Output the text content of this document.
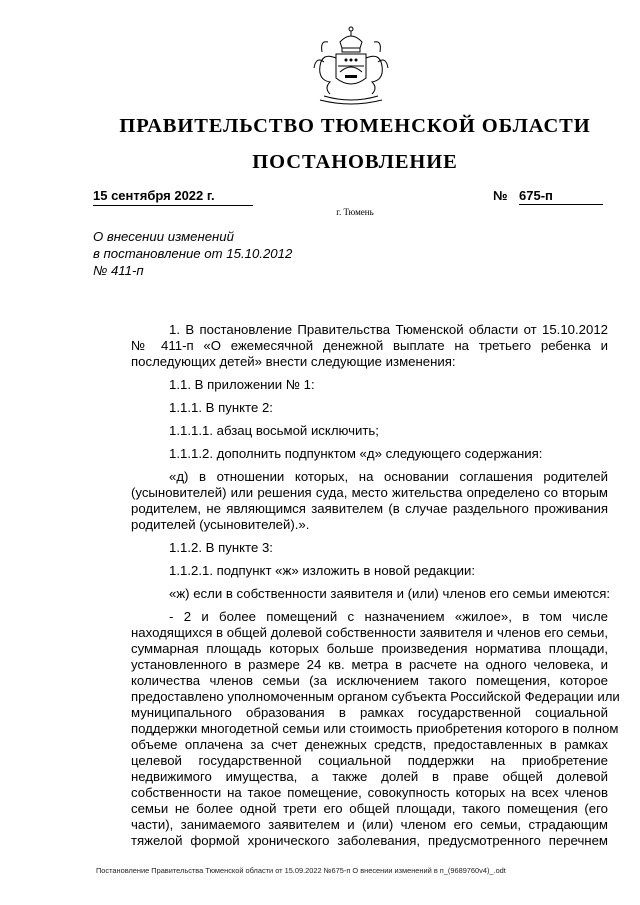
ПРАВИТЕЛЬСТВО ТЮМЕНСКОЙ ОБЛАСТИ
ПОСТАНОВЛЕНИЕ
15 сентября 2022 г.	№ 675-п
г. Тюмень
О внесении изменений
в постановление от 15.10.2012
№ 411-п
1. В постановление Правительства Тюменской области от 15.10.2012
№ 411-п «О ежемесячной денежной выплате на третьего ребенка и
последующих детей» внести следующие изменения:
1.1. В приложении № 1:
1.1.1. В пункте 2:
1.1.1.1. абзац восьмой исключить;
1.1.1.2. дополнить подпунктом «д» следующего содержания:
«д) в отношении которых, на основании соглашения родителей
(усыновителей) или решения суда, место жительства определено со вторым
родителем, не являющимся заявителем (в случае раздельного проживания
родителей (усыновителей).».
1.1.2. В пункте 3:
1.1.2.1. подпункт «ж» изложить в новой редакции:
«ж) если в собственности заявителя и (или) членов его семьи имеются:
- 2 и более помещений с назначением «жилое», в том числе
находящихся в общей долевой собственности заявителя и членов его семьи,
суммарная площадь которых больше произведения норматива площади,
установленного в размере 24 кв. метра в расчете на одного человека, и
количества членов семьи (за исключением такого помещения, которое
предоставлено уполномоченным органом субъекта Российской Федерации или
муниципального образования в рамках государственной социальной
поддержки многодетной семьи или стоимость приобретения которого в полном
объеме оплачена за счет денежных средств, предоставленных в рамках
целевой государственной социальной поддержки на приобретение
недвижимого имущества, а также долей в праве общей долевой
собственности на такое помещение, совокупность которых на всех членов
семьи не более одной трети его общей площади, такого помещения (его
части), занимаемого заявителем и (или) членом его семьи, страдающим
тяжелой формой хронического заболевания, предусмотренного перечнем
Постановление Правительства Тюменской области от 15.09.2022 №675-п О внесении изменений в п_(9689760v4)_.odt
